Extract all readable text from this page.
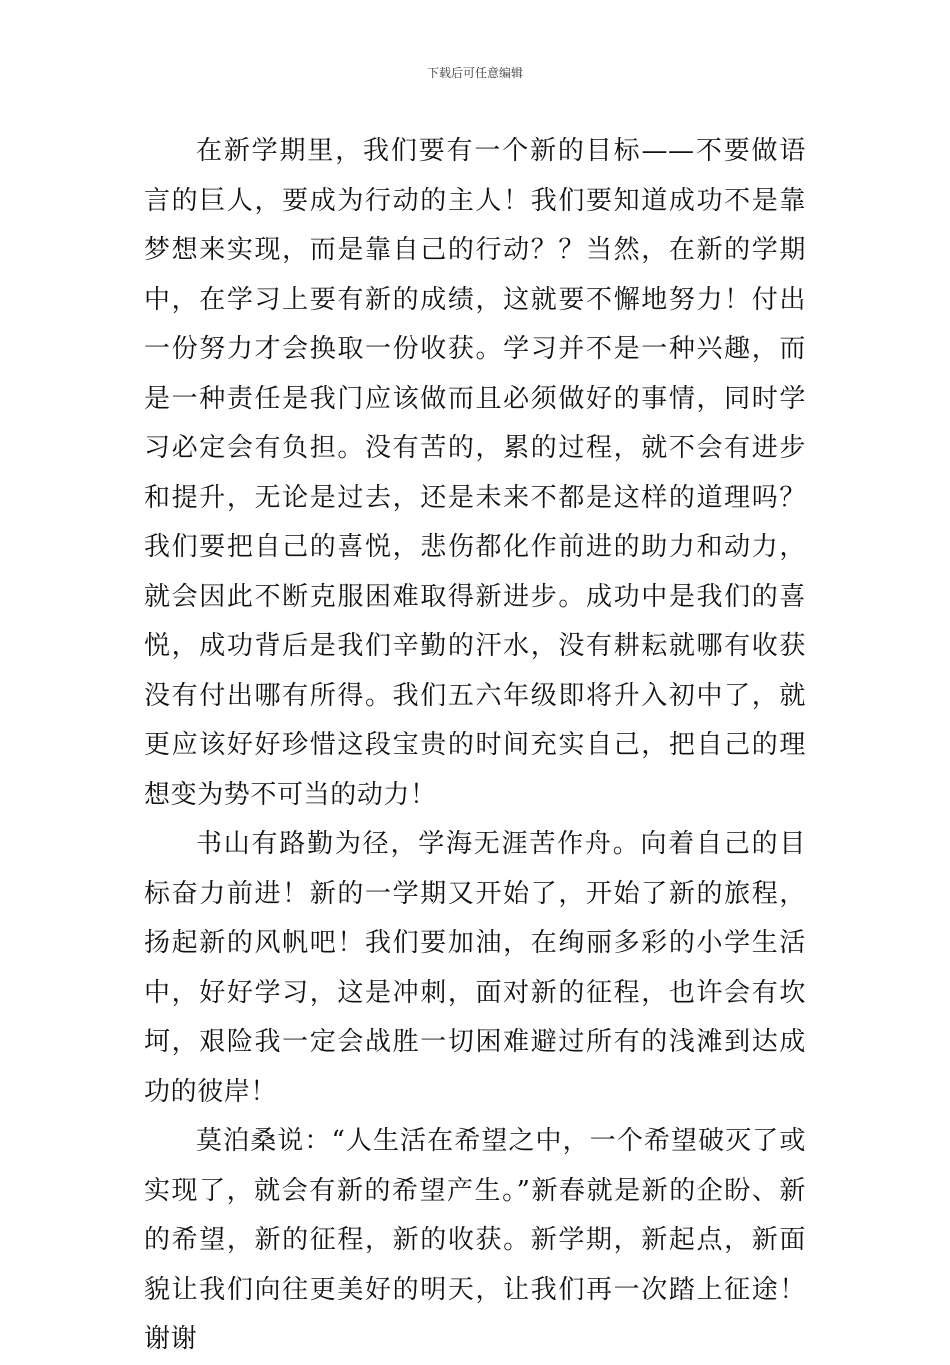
下载后可任意编辑

在新学期里，我们要有一个新的目标——不要做语言的巨人，要成为行动的主人！我们要知道成功不是靠梦想来实现，而是靠自己的行动？？当然，在新的学期中，在学习上要有新的成绩，这就要不懈地努力！付出一份努力才会换取一份收获。学习并不是一种兴趣，而是一种责任是我门应该做而且必须做好的事情，同时学习必定会有负担。没有苦的，累的过程，就不会有进步和提升，无论是过去，还是未来不都是这样的道理吗？我们要把自己的喜悦，悲伤都化作前进的助力和动力，就会因此不断克服困难取得新进步。成功中是我们的喜悦，成功背后是我们辛勤的汗水，没有耕耘就哪有收获没有付出哪有所得。我们五六年级即将升入初中了，就更应该好好珍惜这段宝贵的时间充实自己，把自己的理想变为势不可当的动力！

书山有路勤为径，学海无涯苦作舟。向着自己的目标奋力前进！新的一学期又开始了，开始了新的旅程，扬起新的风帆吧！我们要加油，在绚丽多彩的小学生活中，好好学习，这是冲刺，面对新的征程，也许会有坎坷，艰险我一定会战胜一切困难避过所有的浅滩到达成功的彼岸！

莫泊桑说：“人生活在希望之中，一个希望破灭了或实现了，就会有新的希望产生。”新春就是新的企盼、新的希望，新的征程，新的收获。新学期，新起点，新面貌让我们向往更美好的明天，让我们再一次踏上征途！谢谢
